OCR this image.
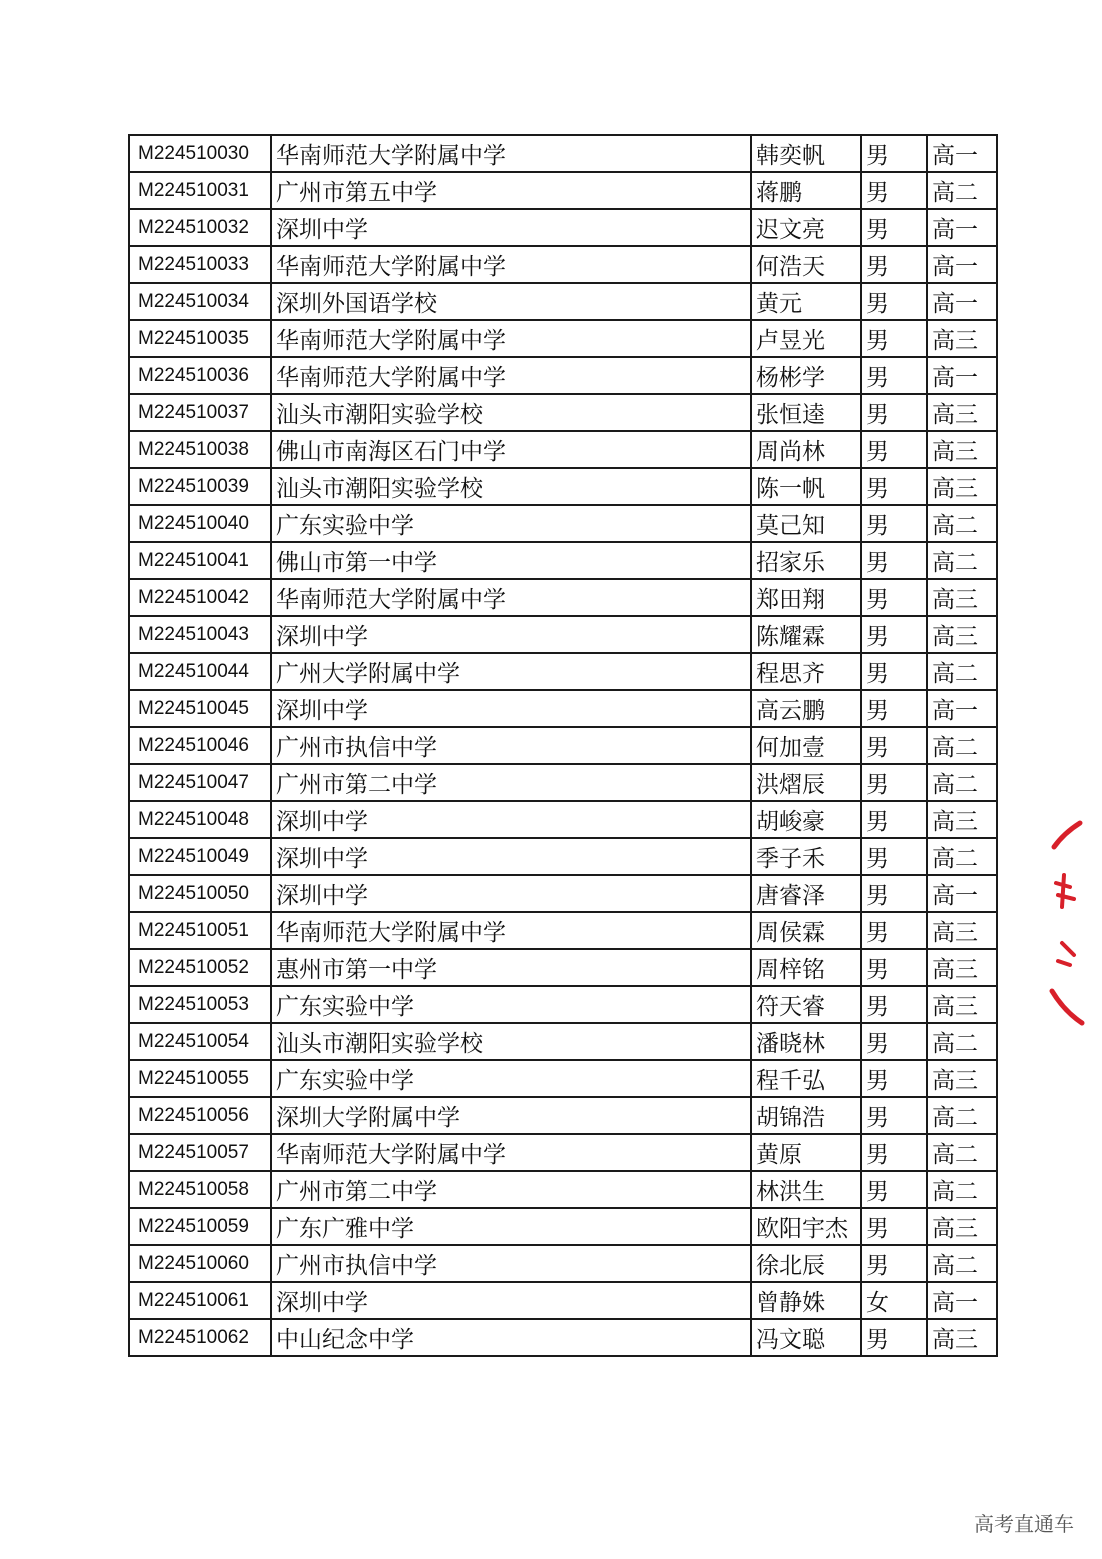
M224510030	华南师范大学附属中学	韩奕帆	男	高一
M224510031	广州市第五中学	蒋鹏	男	高二
M224510032	深圳中学	迟文亮	男	高一
M224510033	华南师范大学附属中学	何浩天	男	高一
M224510034	深圳外国语学校	黄元	男	高一
M224510035	华南师范大学附属中学	卢昱光	男	高三
M224510036	华南师范大学附属中学	杨彬学	男	高一
M224510037	汕头市潮阳实验学校	张恒逵	男	高三
M224510038	佛山市南海区石门中学	周尚林	男	高三
M224510039	汕头市潮阳实验学校	陈一帆	男	高三
M224510040	广东实验中学	莫己知	男	高二
M224510041	佛山市第一中学	招家乐	男	高二
M224510042	华南师范大学附属中学	郑田翔	男	高三
M224510043	深圳中学	陈耀霖	男	高三
M224510044	广州大学附属中学	程思齐	男	高二
M224510045	深圳中学	高云鹏	男	高一
M224510046	广州市执信中学	何加壹	男	高二
M224510047	广州市第二中学	洪熠辰	男	高二
M224510048	深圳中学	胡峻豪	男	高三
M224510049	深圳中学	季子禾	男	高二
M224510050	深圳中学	唐睿泽	男	高一
M224510051	华南师范大学附属中学	周侯霖	男	高三
M224510052	惠州市第一中学	周梓铭	男	高三
M224510053	广东实验中学	符天睿	男	高三
M224510054	汕头市潮阳实验学校	潘晓林	男	高二
M224510055	广东实验中学	程千弘	男	高三
M224510056	深圳大学附属中学	胡锦浩	男	高二
M224510057	华南师范大学附属中学	黄原	男	高二
M224510058	广州市第二中学	林洪生	男	高二
M224510059	广东广雅中学	欧阳宇杰	男	高三
M224510060	广州市执信中学	徐北辰	男	高二
M224510061	深圳中学	曾静姝	女	高一
M224510062	中山纪念中学	冯文聪	男	高三
高考直通车
